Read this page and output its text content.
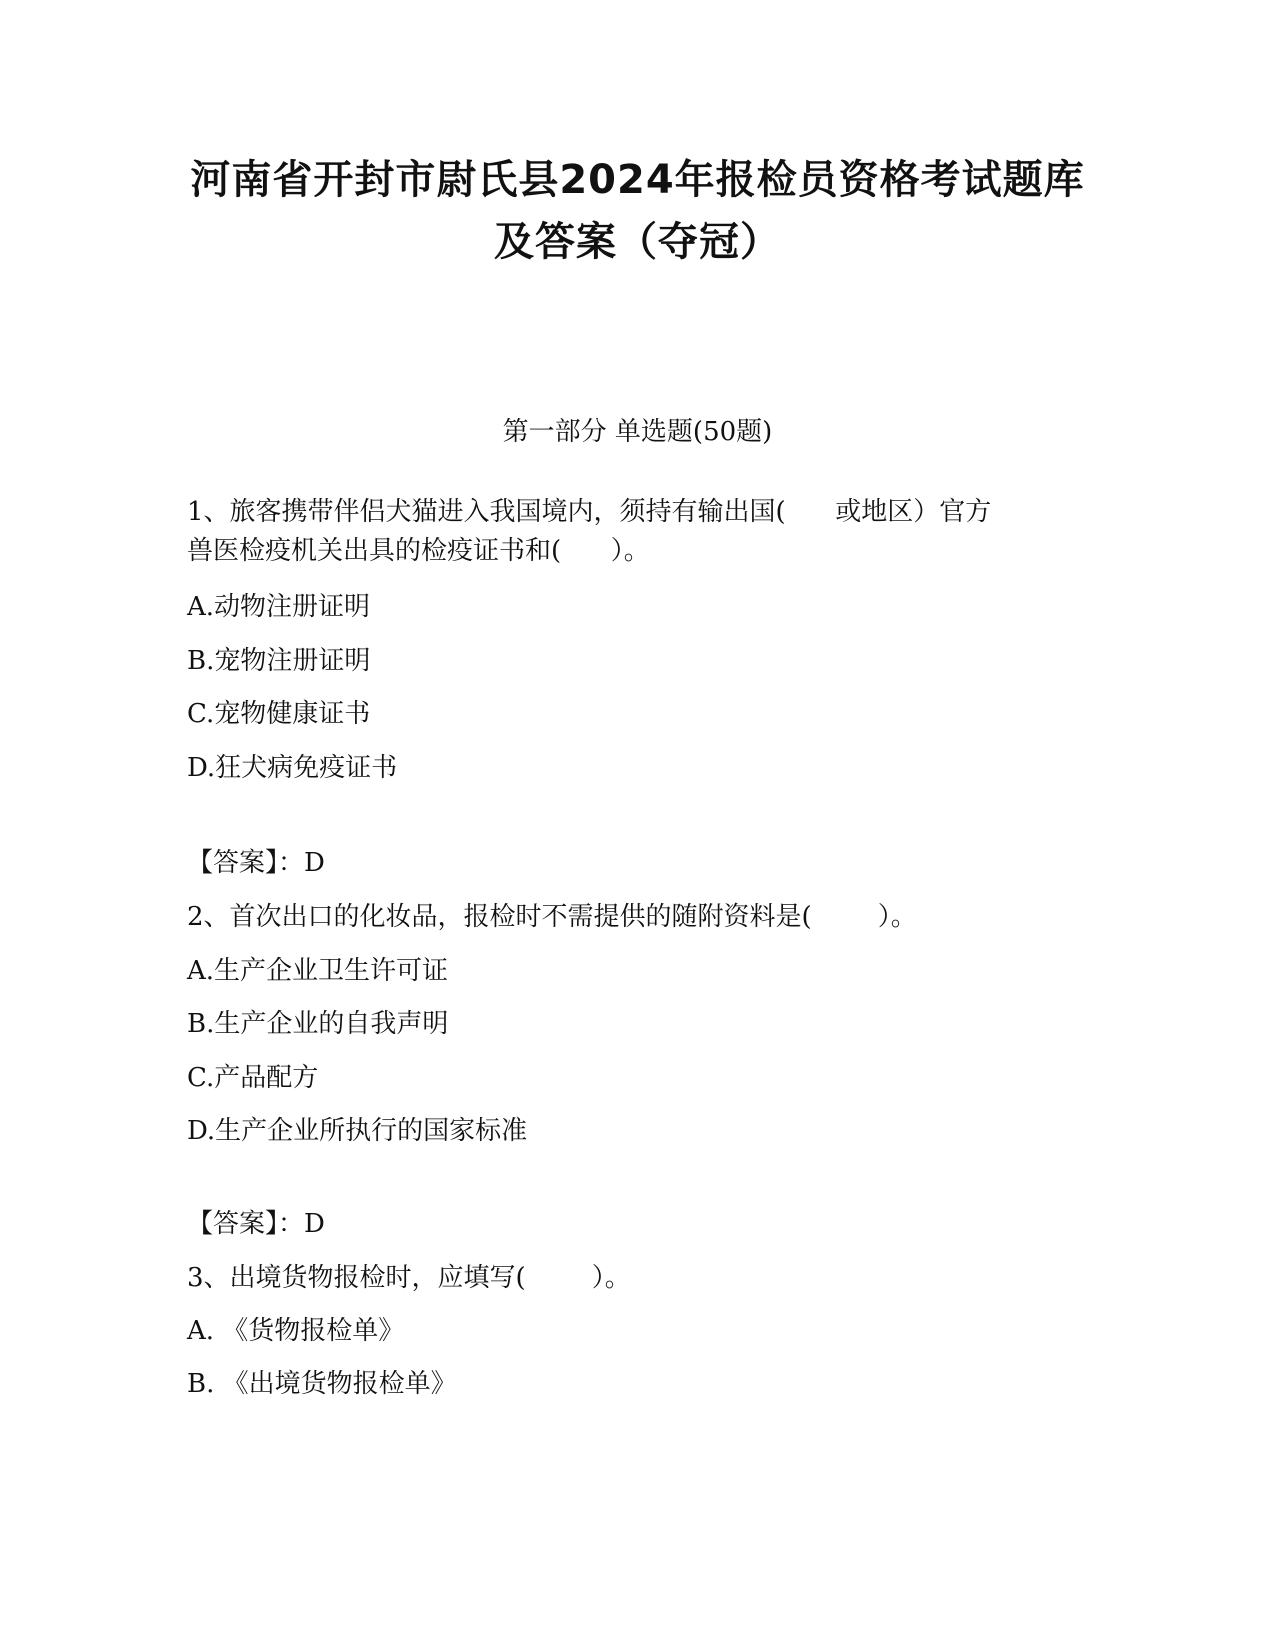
河南省开封市尉氏县2024年报检员资格考试题库
及答案（夺冠）
第一部分 单选题(50题)
1、旅客携带伴侣犬猫进入我国境内，须持有输出国(      或地区）官方
兽医检疫机关出具的检疫证书和(      ）。
A.动物注册证明
B.宠物注册证明
C.宠物健康证书
D.狂犬病免疫证书
【答案】：D
2、首次出口的化妆品，报检时不需提供的随附资料是(        ）。
A.生产企业卫生许可证
B.生产企业的自我声明
C.产品配方
D.生产企业所执行的国家标准
【答案】：D
3、出境货物报检时，应填写(        ）。
A. 《货物报检单》
B. 《出境货物报检单》
